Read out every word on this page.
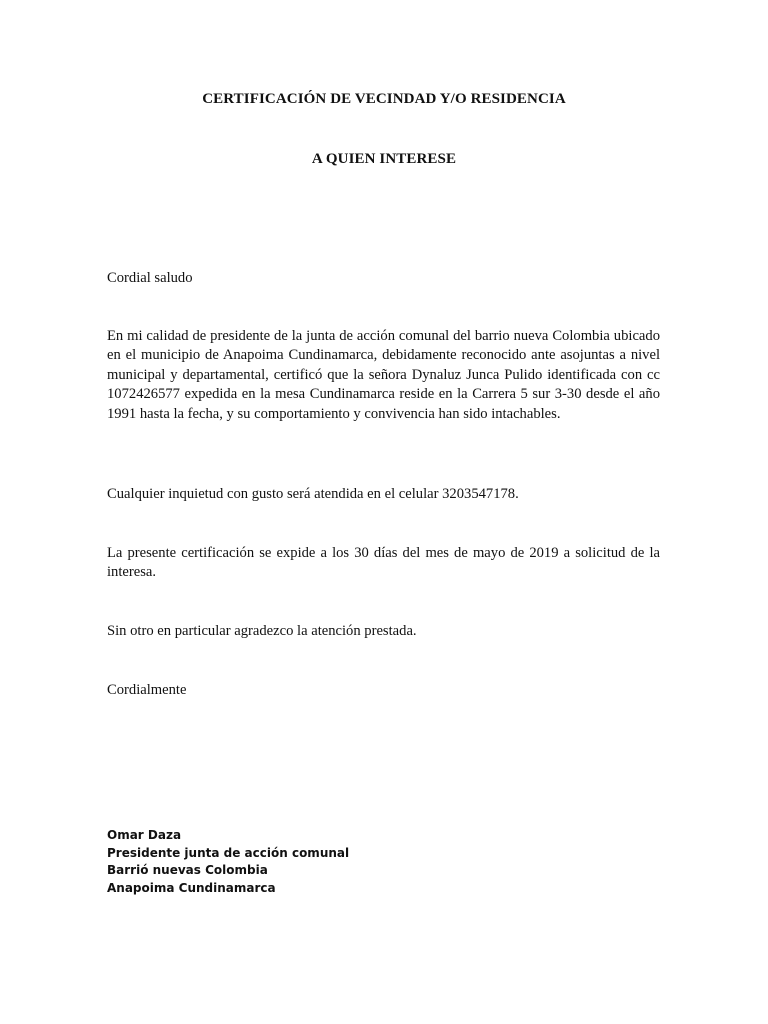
CERTIFICACIÓN DE VECINDAD Y/O RESIDENCIA
A QUIEN INTERESE
Cordial saludo
En mi calidad de presidente de la junta de acción comunal del barrio nueva Colombia ubicado en el municipio de Anapoima Cundinamarca, debidamente reconocido ante asojuntas a nivel municipal y departamental, certificó que la señora Dynaluz Junca Pulido identificada con cc 1072426577 expedida en la mesa Cundinamarca reside en la Carrera 5 sur 3-30 desde el año 1991 hasta la fecha, y su comportamiento y convivencia han sido intachables.
Cualquier inquietud con gusto será atendida en el celular 3203547178.
La presente certificación se expide a los 30 días del mes de mayo de 2019 a solicitud de la interesa.
Sin otro en particular agradezco la atención prestada.
Cordialmente
Omar Daza
Presidente junta de acción comunal
Barrió nuevas Colombia
Anapoima Cundinamarca
